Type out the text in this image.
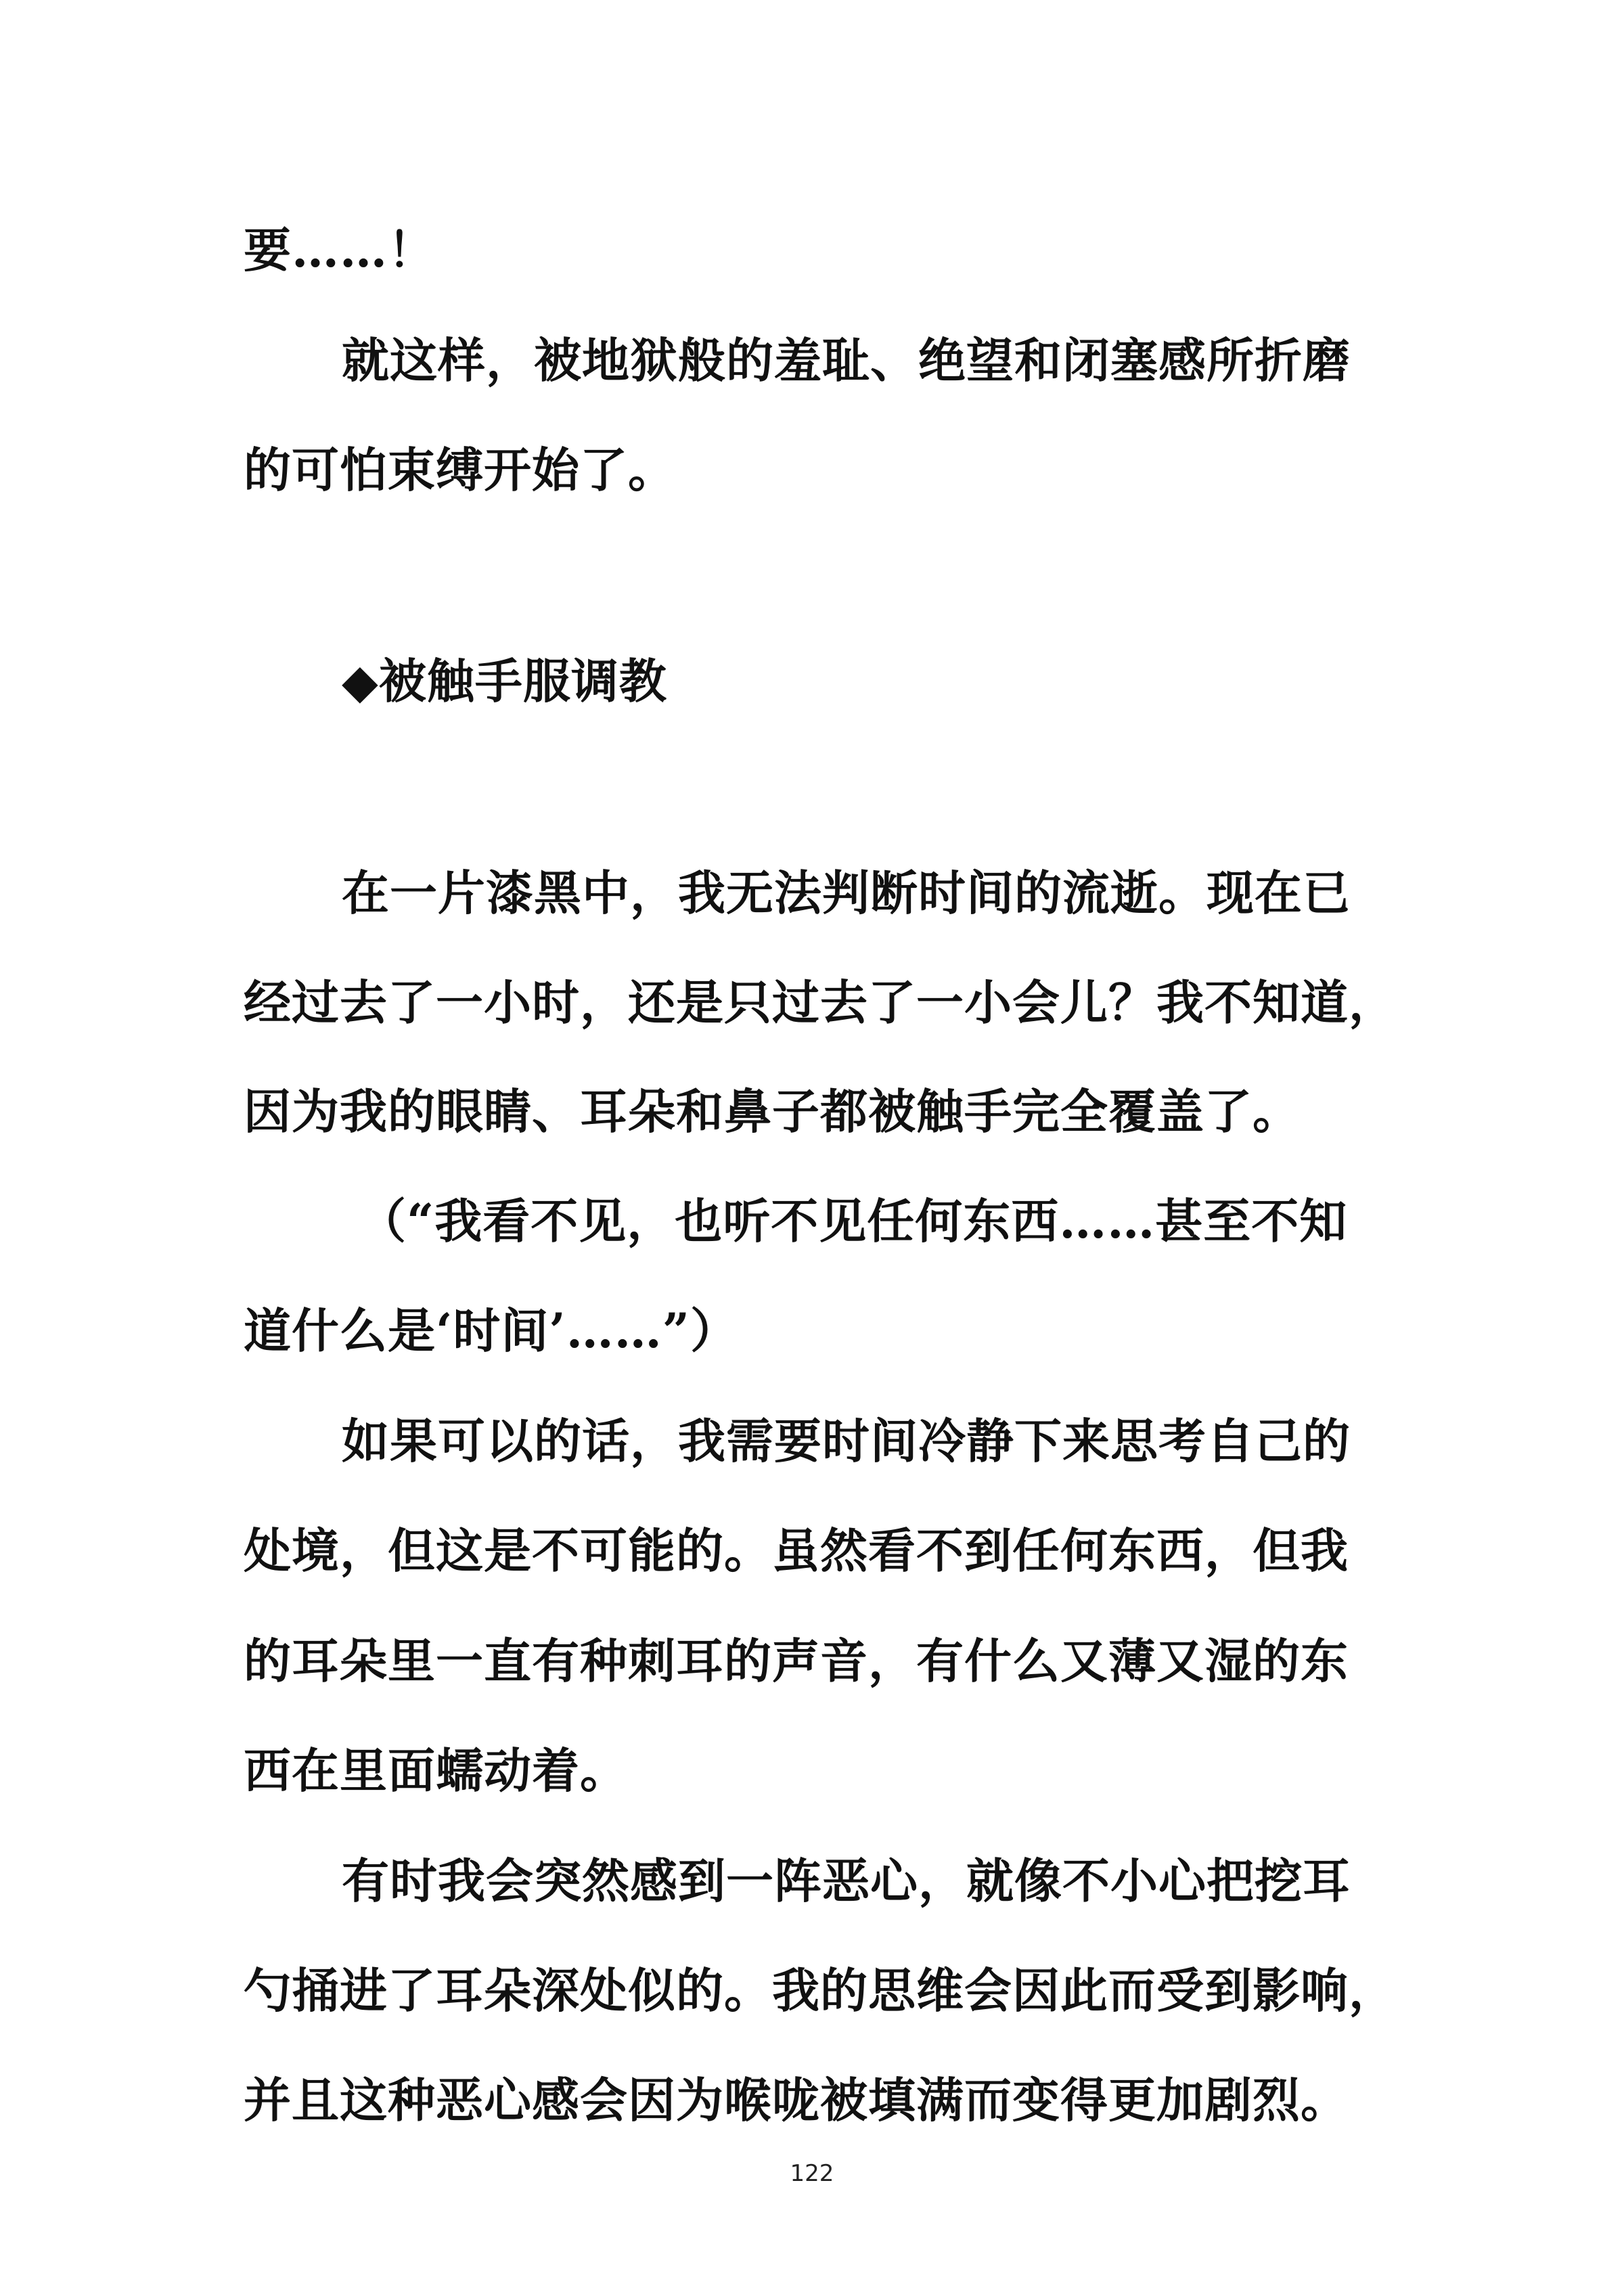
要……！
就这样，被地狱般的羞耻、绝望和闭塞感所折磨
的可怕束缚开始了。
◆被触手服调教
在一片漆黑中，我无法判断时间的流逝。现在已
经过去了一小时，还是只过去了一小会儿？我不知道，
因为我的眼睛、耳朵和鼻子都被触手完全覆盖了。
（“我看不见，也听不见任何东西……甚至不知
道什么是‘时间’……”）
如果可以的话，我需要时间冷静下来思考自己的
处境，但这是不可能的。虽然看不到任何东西，但我
的耳朵里一直有种刺耳的声音，有什么又薄又湿的东
西在里面蠕动着。
有时我会突然感到一阵恶心，就像不小心把挖耳
勺捅进了耳朵深处似的。我的思维会因此而受到影响，
并且这种恶心感会因为喉咙被填满而变得更加剧烈。
122
